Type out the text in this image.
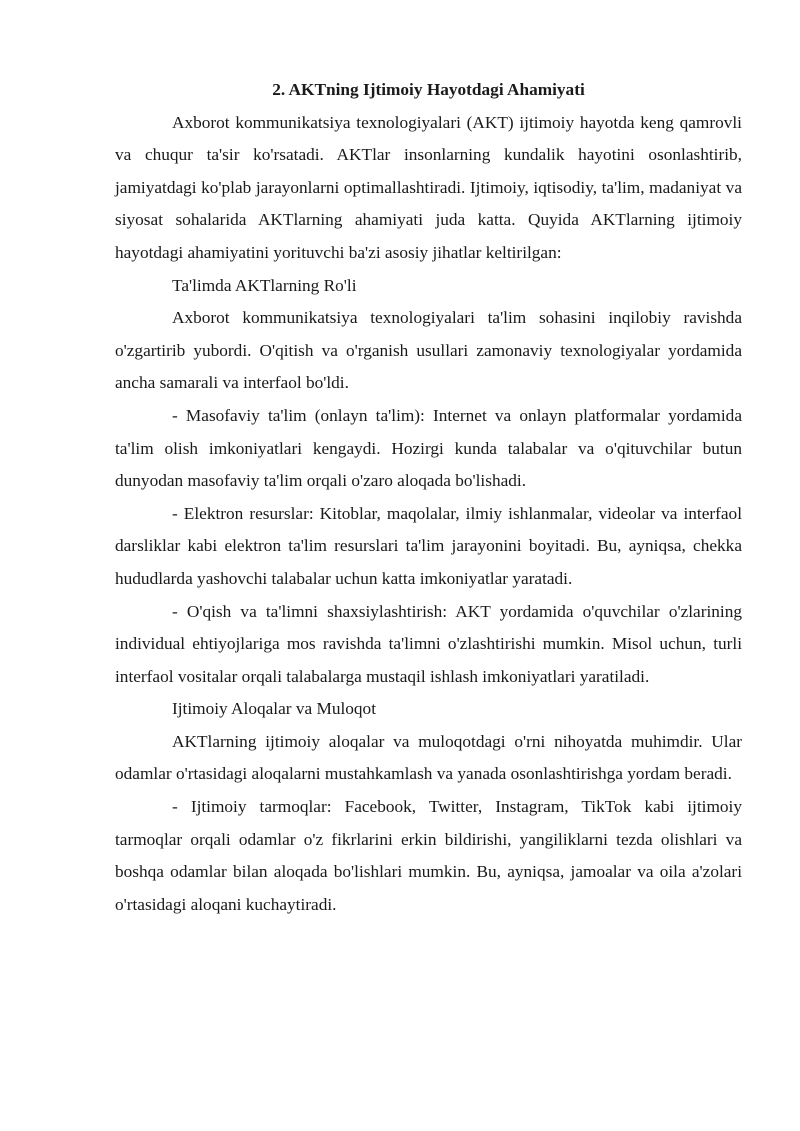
2. AKTning Ijtimoiy Hayotdagi Ahamiyati

Axborot kommunikatsiya texnologiyalari (AKT) ijtimoiy hayotda keng qamrovli va chuqur ta'sir ko'rsatadi. AKTlar insonlarning kundalik hayotini osonlashtirib, jamiyatdagi ko'plab jarayonlarni optimallashtiradi. Ijtimoiy, iqtisodiy, ta'lim, madaniyat va siyosat sohalarida AKTlarning ahamiyati juda katta. Quyida AKTlarning ijtimoiy hayotdagi ahamiyatini yorituvchi ba'zi asosiy jihatlar keltirilgan:

Ta'limda AKTlarning Ro'li

Axborot kommunikatsiya texnologiyalari ta'lim sohasini inqilobiy ravishda o'zgartirib yubordi. O'qitish va o'rganish usullari zamonaviy texnologiyalar yordamida ancha samarali va interfaol bo'ldi.

- Masofaviy ta'lim (onlayn ta'lim): Internet va onlayn platformalar yordamida ta'lim olish imkoniyatlari kengaydi. Hozirgi kunda talabalar va o'qituvchilar butun dunyodan masofaviy ta'lim orqali o'zaro aloqada bo'lishadi.

- Elektron resurslar: Kitoblar, maqolalar, ilmiy ishlanmalar, videolar va interfaol darsliklar kabi elektron ta'lim resurslari ta'lim jarayonini boyitadi. Bu, ayniqsa, chekka hududlarda yashovchi talabalar uchun katta imkoniyatlar yaratadi.

- O'qish va ta'limni shaxsiylashtirish: AKT yordamida o'quvchilar o'zlarining individual ehtiyojlariga mos ravishda ta'limni o'zlashtirishi mumkin. Misol uchun, turli interfaol vositalar orqali talabalarga mustaqil ishlash imkoniyatlari yaratiladi.

Ijtimoiy Aloqalar va Muloqot

AKTlarning ijtimoiy aloqalar va muloqotdagi o'rni nihoyatda muhimdir. Ular odamlar o'rtasidagi aloqalarni mustahkamlash va yanada osonlashtirishga yordam beradi.

- Ijtimoiy tarmoqlar: Facebook, Twitter, Instagram, TikTok kabi ijtimoiy tarmoqlar orqali odamlar o'z fikrlarini erkin bildirishi, yangiliklarni tezda olishlari va boshqa odamlar bilan aloqada bo'lishlari mumkin. Bu, ayniqsa, jamoalar va oila a'zolari o'rtasidagi aloqani kuchaytiradi.
